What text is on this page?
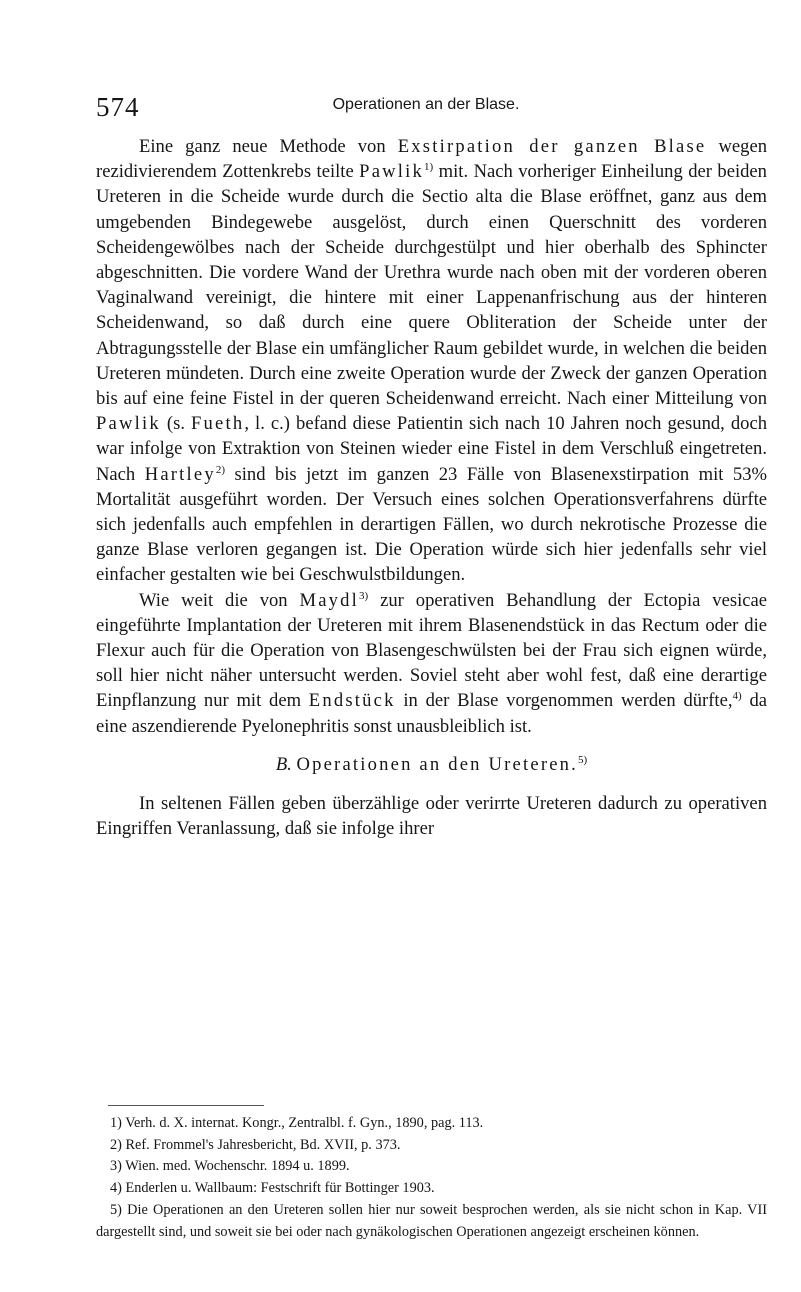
574	Operationen an der Blase.

Eine ganz neue Methode von Exstirpation der ganzen Blase wegen rezidivierendem Zottenkrebs teilte Pawlik$^{1)}$ mit. Nach vorheriger Einheilung der beiden Ureteren in die Scheide wurde durch die Sectio alta die Blase eröffnet, ganz aus dem umgebenden Bindegewebe ausgelöst, durch einen Querschnitt des vorderen Scheidengewölbes nach der Scheide durchgestülpt und hier oberhalb des Sphincter abgeschnitten. Die vordere Wand der Urethra wurde nach oben mit der vorderen oberen Vaginalwand vereinigt, die hintere mit einer Lappenanfrischung aus der hinteren Scheidenwand, so daß durch eine quere Obliteration der Scheide unter der Abtragungsstelle der Blase ein umfänglicher Raum gebildet wurde, in welchen die beiden Ureteren mündeten. Durch eine zweite Operation wurde der Zweck der ganzen Operation bis auf eine feine Fistel in der queren Scheidenwand erreicht. Nach einer Mitteilung von Pawlik (s. Fueth, l. c.) befand diese Patientin sich nach 10 Jahren noch gesund, doch war infolge von Extraktion von Steinen wieder eine Fistel in dem Verschluß eingetreten. Nach Hartley$^{2)}$ sind bis jetzt im ganzen 23 Fälle von Blasenexstirpation mit 53% Mortalität ausgeführt worden. Der Versuch eines solchen Operationsverfahrens dürfte sich jedenfalls auch empfehlen in derartigen Fällen, wo durch nekrotische Prozesse die ganze Blase verloren gegangen ist. Die Operation würde sich hier jedenfalls sehr viel einfacher gestalten wie bei Geschwulstbildungen.

Wie weit die von Maydl$^{3)}$ zur operativen Behandlung der Ectopia vesicae eingeführte Implantation der Ureteren mit ihrem Blasenendstück in das Rectum oder die Flexur auch für die Operation von Blasengeschwülsten bei der Frau sich eignen würde, soll hier nicht näher untersucht werden. Soviel steht aber wohl fest, daß eine derartige Einpflanzung nur mit dem Endstück in der Blase vorgenommen werden dürfte,$^{4)}$ da eine aszendierende Pyelonephritis sonst unausbleiblich ist.

B. Operationen an den Ureteren.$^{5)}$

In seltenen Fällen geben überzählige oder verirrte Ureteren dadurch zu operativen Eingriffen Veranlassung, daß sie infolge ihrer

1) Verh. d. X. internat. Kongr., Zentralbl. f. Gyn., 1890, pag. 113.

2) Ref. Frommel's Jahresbericht, Bd. XVII, p. 373.

3) Wien. med. Wochenschr. 1894 u. 1899.

4) Enderlen u. Wallbaum: Festschrift für Bottinger 1903.

5) Die Operationen an den Ureteren sollen hier nur soweit besprochen werden, als sie nicht schon in Kap. VII dargestellt sind, und soweit sie bei oder nach gynäkologischen Operationen angezeigt erscheinen können.
